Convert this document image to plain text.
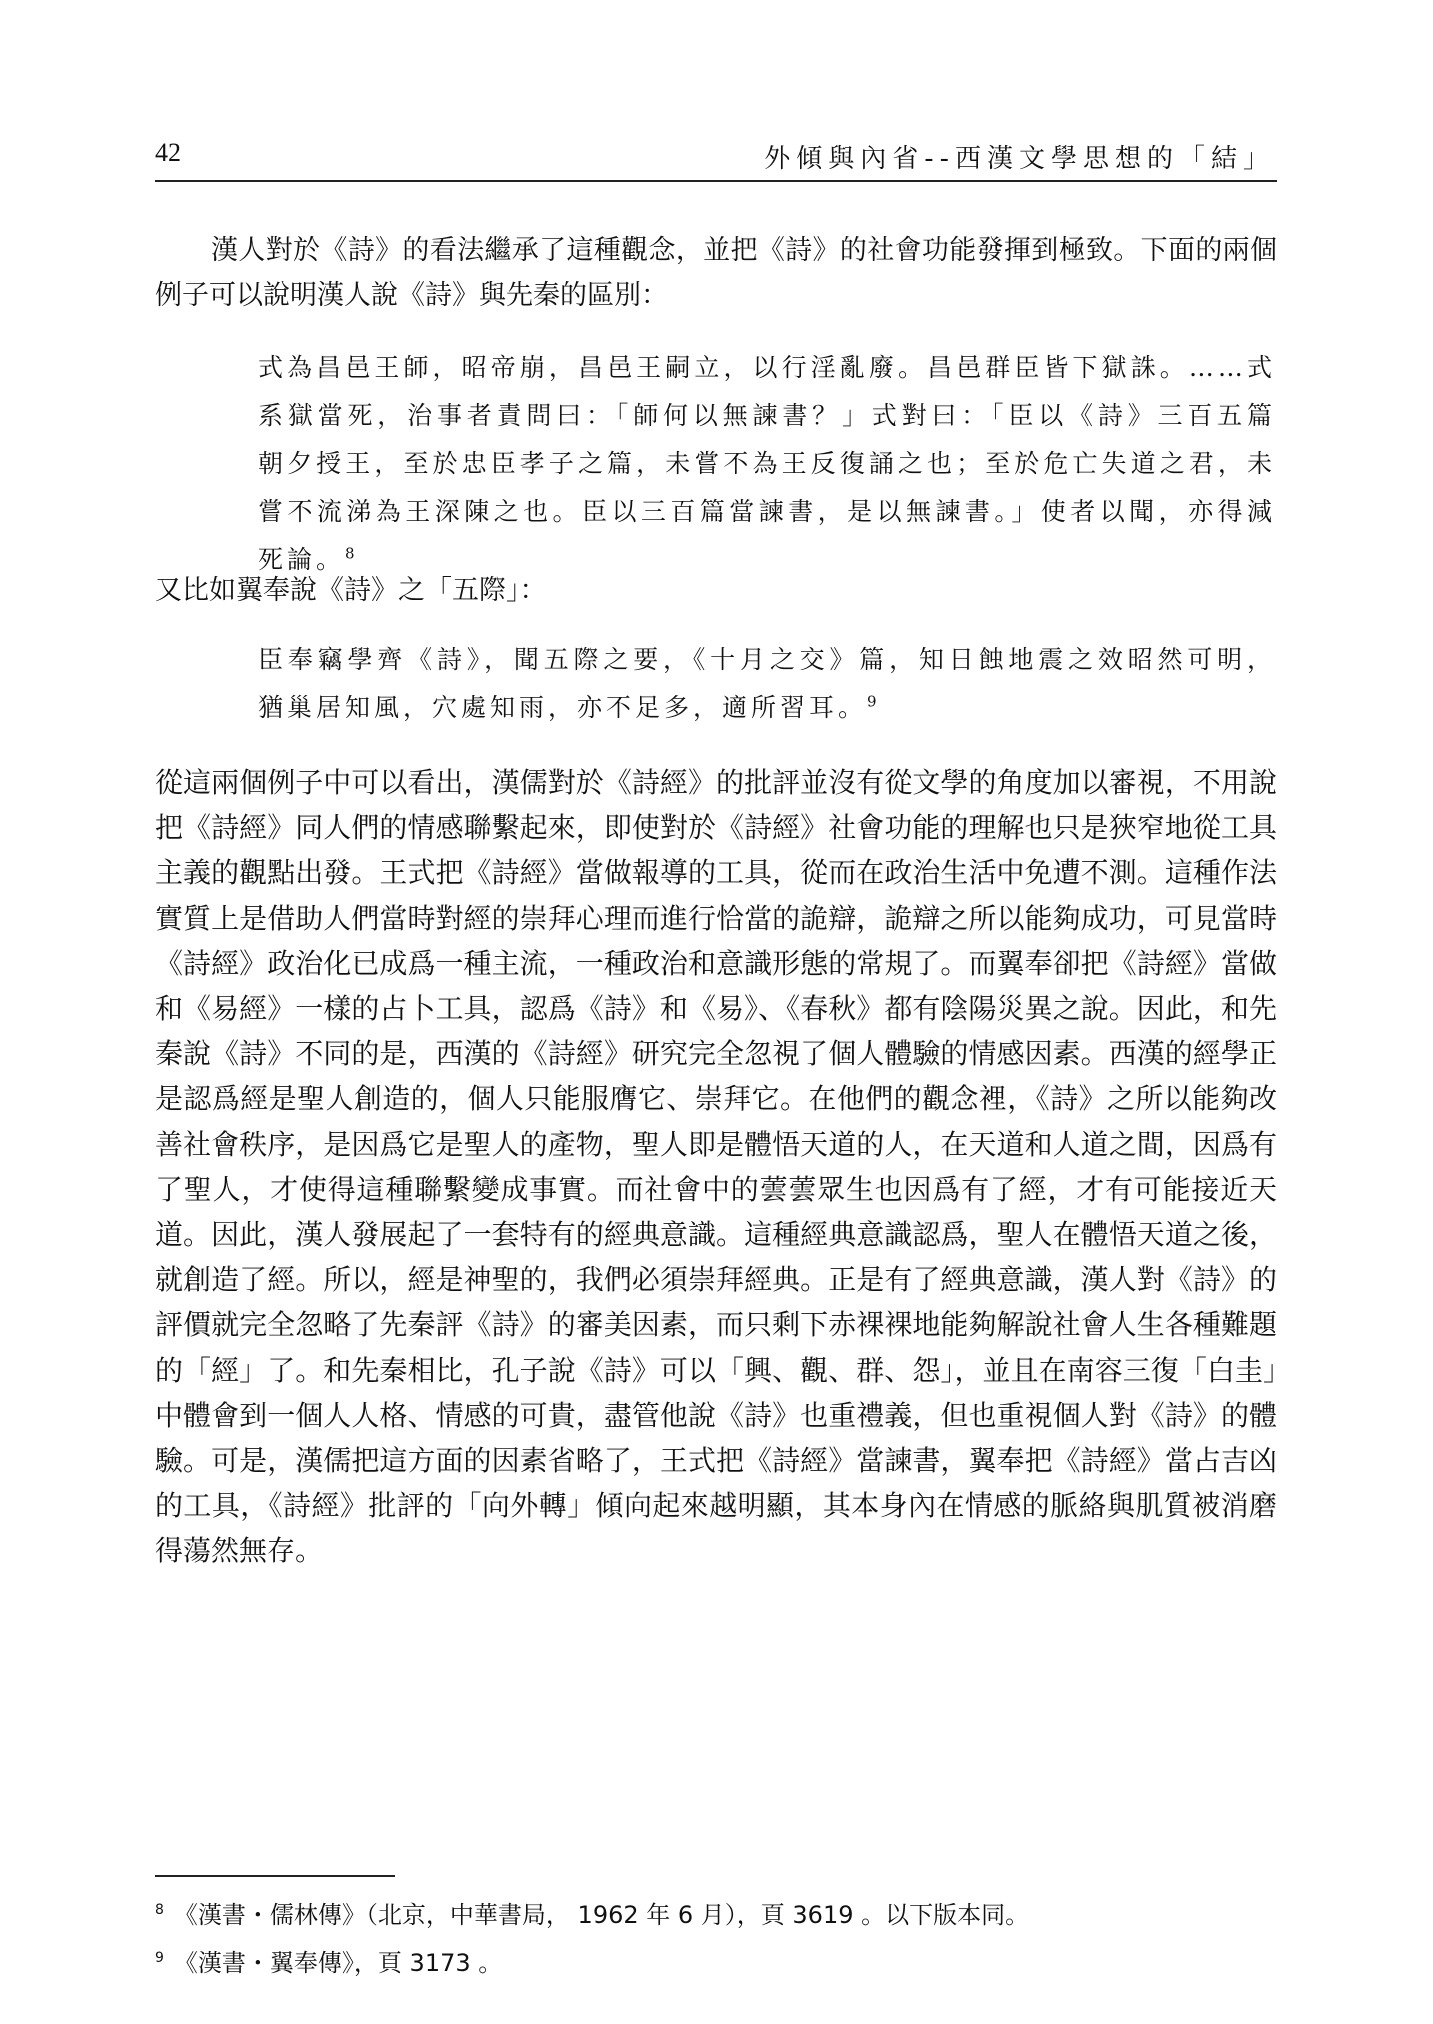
42	外傾與內省--西漢文學思想的「結」

漢人對於《詩》的看法繼承了這種觀念，並把《詩》的社會功能發揮到極致。下面的兩個例子可以說明漢人說《詩》與先秦的區別：

式為昌邑王師，昭帝崩，昌邑王嗣立，以行淫亂廢。昌邑群臣皆下獄誅。……式系獄當死，治事者責問曰：「師何以無諫書？」式對曰：「臣以《詩》三百五篇朝夕授王，至於忠臣孝子之篇，未嘗不為王反復誦之也；至於危亡失道之君，未嘗不流涕為王深陳之也。臣以三百篇當諫書，是以無諫書。」使者以聞，亦得減死論。$^8$

又比如翼奉說《詩》之「五際」：

臣奉竊學齊《詩》，聞五際之要，《十月之交》篇，知日蝕地震之效昭然可明，猶巢居知風，穴處知雨，亦不足多，適所習耳。$^9$

從這兩個例子中可以看出，漢儒對於《詩經》的批評並沒有從文學的角度加以審視，不用說把《詩經》同人們的情感聯繫起來，即使對於《詩經》社會功能的理解也只是狹窄地從工具主義的觀點出發。王式把《詩經》當做報導的工具，從而在政治生活中免遭不測。這種作法實質上是借助人們當時對經的崇拜心理而進行恰當的詭辯，詭辯之所以能夠成功，可見當時《詩經》政治化已成爲一種主流，一種政治和意識形態的常規了。而翼奉卻把《詩經》當做和《易經》一樣的占卜工具，認爲《詩》和《易》、《春秋》都有陰陽災異之說。因此，和先秦說《詩》不同的是，西漢的《詩經》研究完全忽視了個人體驗的情感因素。西漢的經學正是認爲經是聖人創造的，個人只能服膺它、崇拜它。在他們的觀念裡，《詩》之所以能夠改善社會秩序，是因爲它是聖人的產物，聖人即是體悟天道的人，在天道和人道之間，因爲有了聖人，才使得這種聯繫變成事實。而社會中的蕓蕓眾生也因爲有了經，才有可能接近天道。因此，漢人發展起了一套特有的經典意識。這種經典意識認爲，聖人在體悟天道之後，就創造了經。所以，經是神聖的，我們必須崇拜經典。正是有了經典意識，漢人對《詩》的評價就完全忽略了先秦評《詩》的審美因素，而只剩下赤裸裸地能夠解說社會人生各種難題的「經」了。和先秦相比，孔子說《詩》可以「興、觀、群、怨」，並且在南容三復「白圭」中體會到一個人人格、情感的可貴，盡管他說《詩》也重禮義，但也重視個人對《詩》的體驗。可是，漢儒把這方面的因素省略了，王式把《詩經》當諫書，翼奉把《詩經》當占吉凶的工具，《詩經》批評的「向外轉」傾向起來越明顯，其本身內在情感的脈絡與肌質被消磨得蕩然無存。

$^8$ 《漢書・儒林傳》（北京，中華書局， 1962 年 6 月），頁 3619 。以下版本同。
$^9$ 《漢書・翼奉傳》，頁 3173 。
